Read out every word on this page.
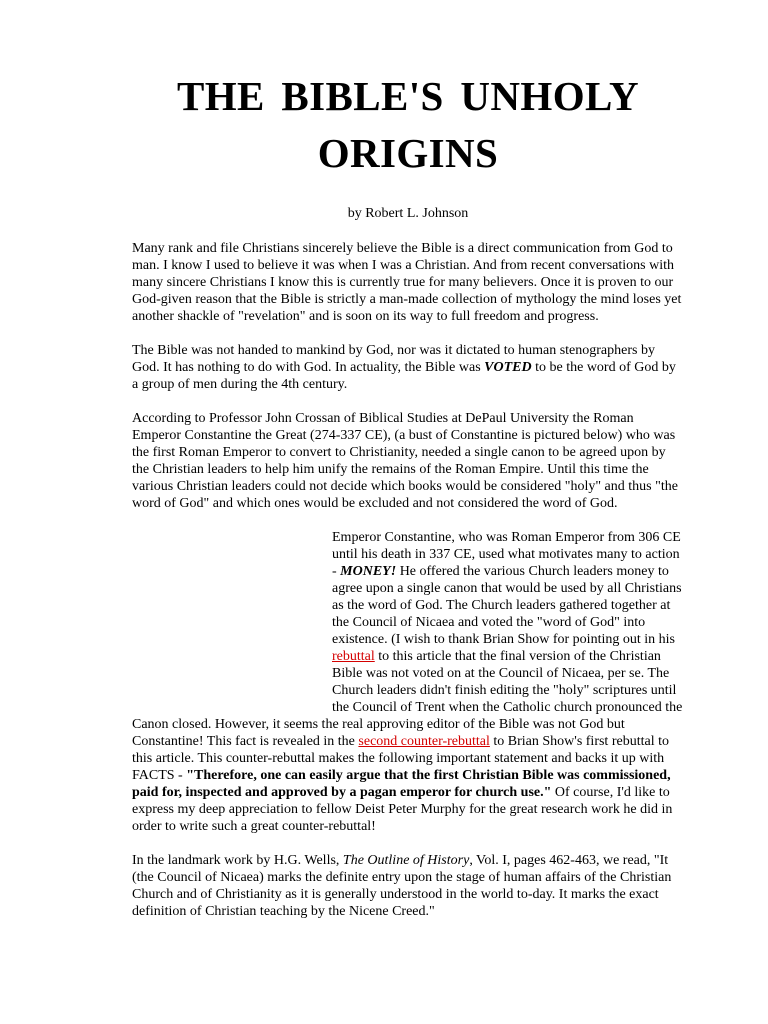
THE BIBLE'S UNHOLY ORIGINS
by Robert L. Johnson

Many rank and file Christians sincerely believe the Bible is a direct communication from God to man. I know I used to believe it was when I was a Christian. And from recent conversations with many sincere Christians I know this is currently true for many believers. Once it is proven to our God-given reason that the Bible is strictly a man-made collection of mythology the mind loses yet another shackle of "revelation" and is soon on its way to full freedom and progress.

The Bible was not handed to mankind by God, nor was it dictated to human stenographers by God. It has nothing to do with God. In actuality, the Bible was VOTED to be the word of God by a group of men during the 4th century.

According to Professor John Crossan of Biblical Studies at DePaul University the Roman Emperor Constantine the Great (274-337 CE), (a bust of Constantine is pictured below) who was the first Roman Emperor to convert to Christianity, needed a single canon to be agreed upon by the Christian leaders to help him unify the remains of the Roman Empire. Until this time the various Christian leaders could not decide which books would be considered "holy" and thus "the word of God" and which ones would be excluded and not considered the word of God.

Emperor Constantine, who was Roman Emperor from 306 CE until his death in 337 CE, used what motivates many to action - MONEY! He offered the various Church leaders money to agree upon a single canon that would be used by all Christians as the word of God. The Church leaders gathered together at the Council of Nicaea and voted the "word of God" into existence. (I wish to thank Brian Show for pointing out in his rebuttal to this article that the final version of the Christian Bible was not voted on at the Council of Nicaea, per se. The Church leaders didn't finish editing the "holy" scriptures until the Council of Trent when the Catholic church pronounced the Canon closed. However, it seems the real approving editor of the Bible was not God but Constantine! This fact is revealed in the second counter-rebuttal to Brian Show's first rebuttal to this article. This counter-rebuttal makes the following important statement and backs it up with FACTS - "Therefore, one can easily argue that the first Christian Bible was commissioned, paid for, inspected and approved by a pagan emperor for church use." Of course, I'd like to express my deep appreciation to fellow Deist Peter Murphy for the great research work he did in order to write such a great counter-rebuttal!

In the landmark work by H.G. Wells, The Outline of History, Vol. I, pages 462-463, we read, "It (the Council of Nicaea) marks the definite entry upon the stage of human affairs of the Christian Church and of Christianity as it is generally understood in the world to-day. It marks the exact definition of Christian teaching by the Nicene Creed."
